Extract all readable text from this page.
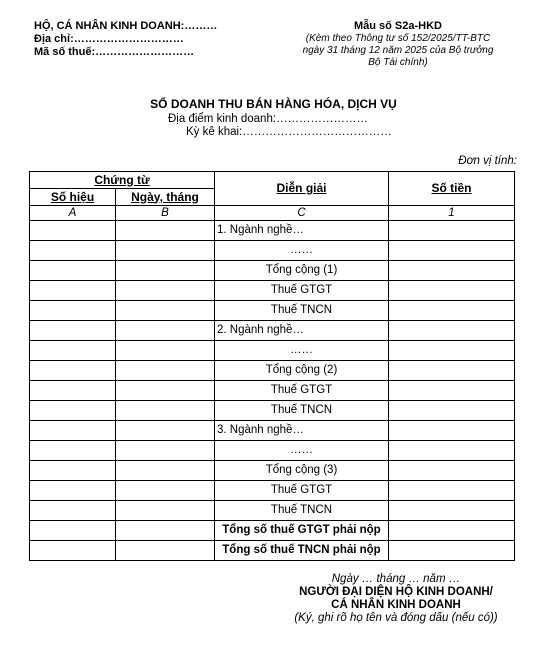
HỘ, CÁ NHÂN KINH DOANH:………
Địa chỉ:…………………………
Mã số thuế:………………………
Mẫu số S2a-HKD
(Kèm theo Thông tư số 152/2025/TT-BTC
ngày 31 tháng 12 năm 2025 của Bộ trưởng
Bộ Tài chính)
SỔ DOANH THU BÁN HÀNG HÓA, DỊCH VỤ
Địa điểm kinh doanh:……………………
Kỳ kê khai:…………………………………
Đơn vị tính:
Chứng từ		Diễn giải	Số tiền
Số hiệu	Ngày, tháng		
A	B	C	1
		1. Ngành nghề…	
		……	
		Tổng cộng (1)	
		Thuế GTGT	
		Thuế TNCN	
		2. Ngành nghề…	
		……	
		Tổng cộng (2)	
		Thuế GTGT	
		Thuế TNCN	
		3. Ngành nghề…	
		……	
		Tổng cộng (3)	
		Thuế GTGT	
		Thuế TNCN	
		Tổng số thuế GTGT phải nộp	
		Tổng số thuế TNCN phải nộp	
Ngày … tháng … năm …
NGƯỜI ĐẠI DIỆN HỘ KINH DOANH/
CÁ NHÂN KINH DOANH
(Ký, ghi rõ họ tên và đóng dấu (nếu có))
